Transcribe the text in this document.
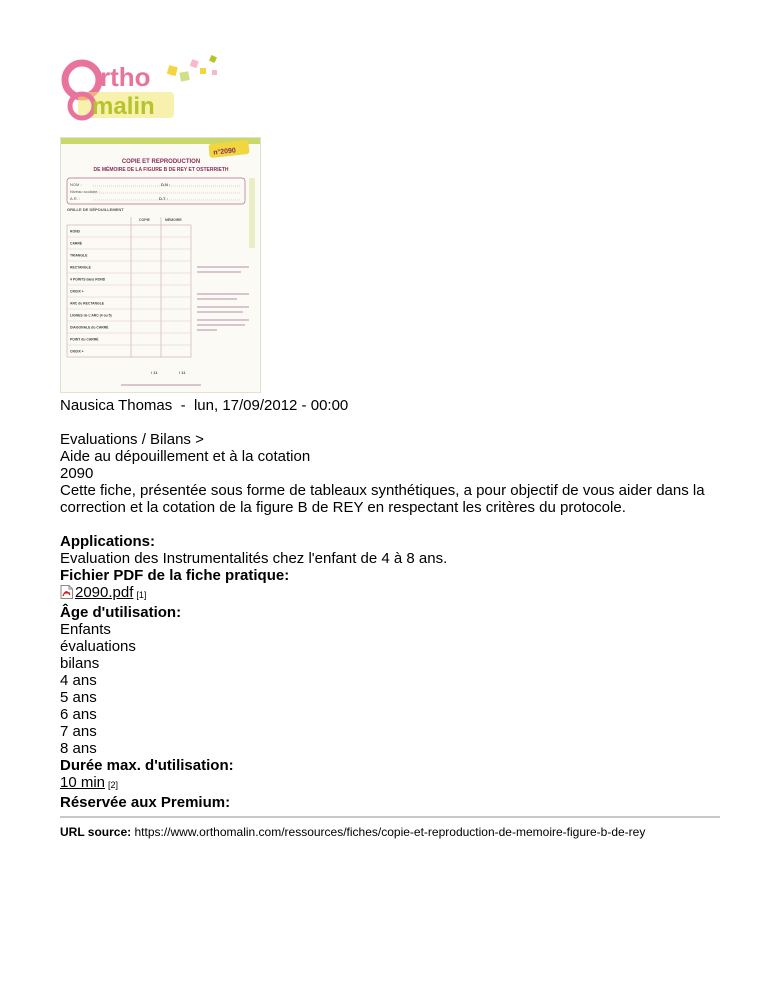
rtho
malin
n°2090
COPIE ET REPRODUCTION
DE MÉMOIRE DE LA FIGURE B DE REY ET OSTERRIETH
NOM :
Niveau scolaire :
A.R. :
D.N :
D.T :
GRILLE DE DÉPOUILLEMENT
COPIE	MÉMOIRE
ROND
CARRÉ
TRIANGLE
RECTANGLE
4 POINTS dans ROND
CROIX +
ARC de RECTANGLE
LIGNES de L'ARC (4 ou 5)
DIAGONALE du CARRÉ
POINT du CARRÉ
CROIX +
/ 11	/ 11

Nausica Thomas - lun, 17/09/2012 - 00:00

Evaluations / Bilans >

Aide au dépouillement et à la cotation

2090

Cette fiche, présentée sous forme de tableaux synthétiques, a pour objectif de vous aider dans la correction et la cotation de la figure B de REY en respectant les critères du protocole.

Applications:

Evaluation des Instrumentalités chez l'enfant de 4 à 8 ans.

Fichier PDF de la fiche pratique:

2090.pdf [1]

Âge d'utilisation:

Enfants

évaluations

bilans

4 ans

5 ans

6 ans

7 ans

8 ans

Durée max. d'utilisation:

10 min [2]

Réservée aux Premium:

URL source: https://www.orthomalin.com/ressources/fiches/copie-et-reproduction-de-memoire-figure-b-de-rey
